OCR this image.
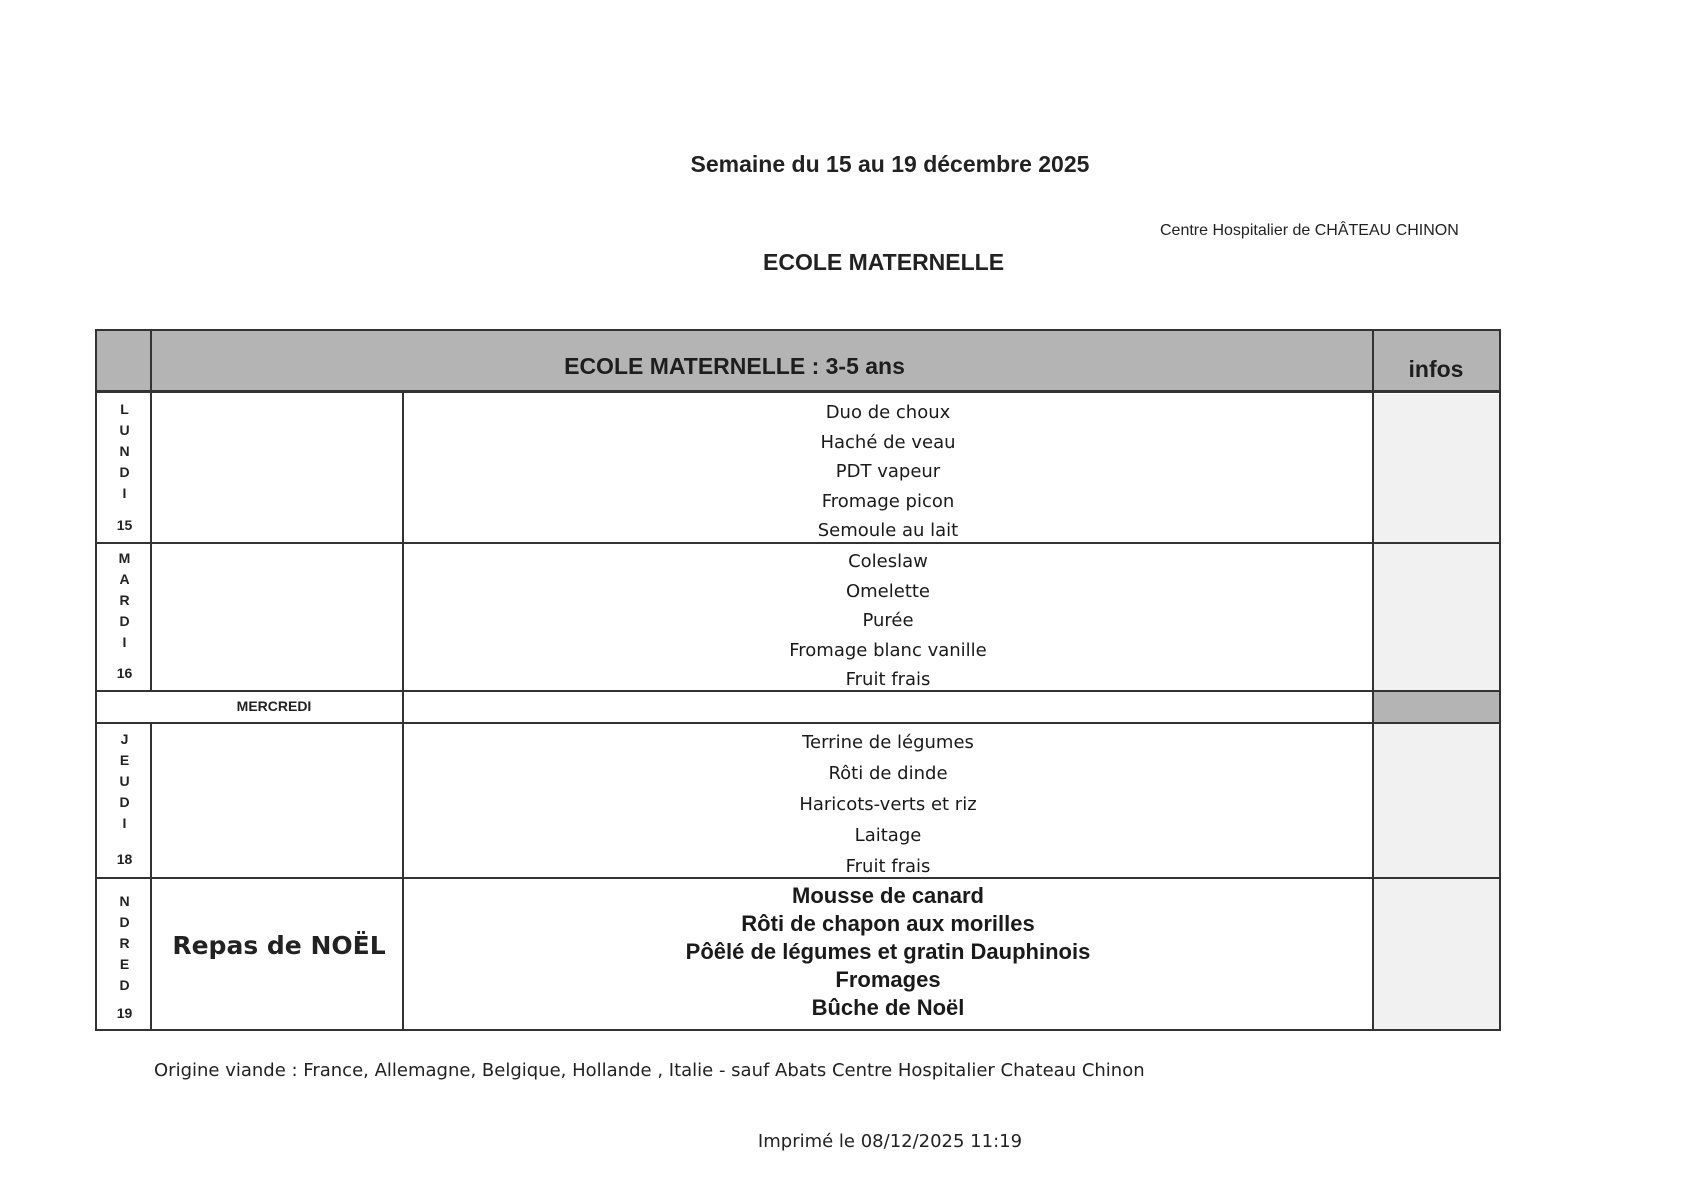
Semaine du 15 au 19 décembre 2025
Centre Hospitalier de CHÂTEAU CHINON
ECOLE MATERNELLE
ECOLE MATERNELLE : 3-5 ans	infos
L
U
N
D
I
15
Duo de choux
Haché de veau
PDT vapeur
Fromage picon
Semoule au lait
M
A
R
D
I
16
Coleslaw
Omelette
Purée
Fromage blanc vanille
Fruit frais
MERCREDI
J
E
U
D
I
18
Terrine de légumes
Rôti de dinde
Haricots-verts et riz
Laitage
Fruit frais
N
D
R
E
D
19
Repas de NOËL
Mousse de canard
Rôti de chapon aux morilles
Pôêlé de légumes et gratin Dauphinois
Fromages
Bûche de Noël
Origine viande : France, Allemagne, Belgique, Hollande , Italie - sauf Abats Centre Hospitalier Chateau Chinon
Imprimé le 08/12/2025 11:19
